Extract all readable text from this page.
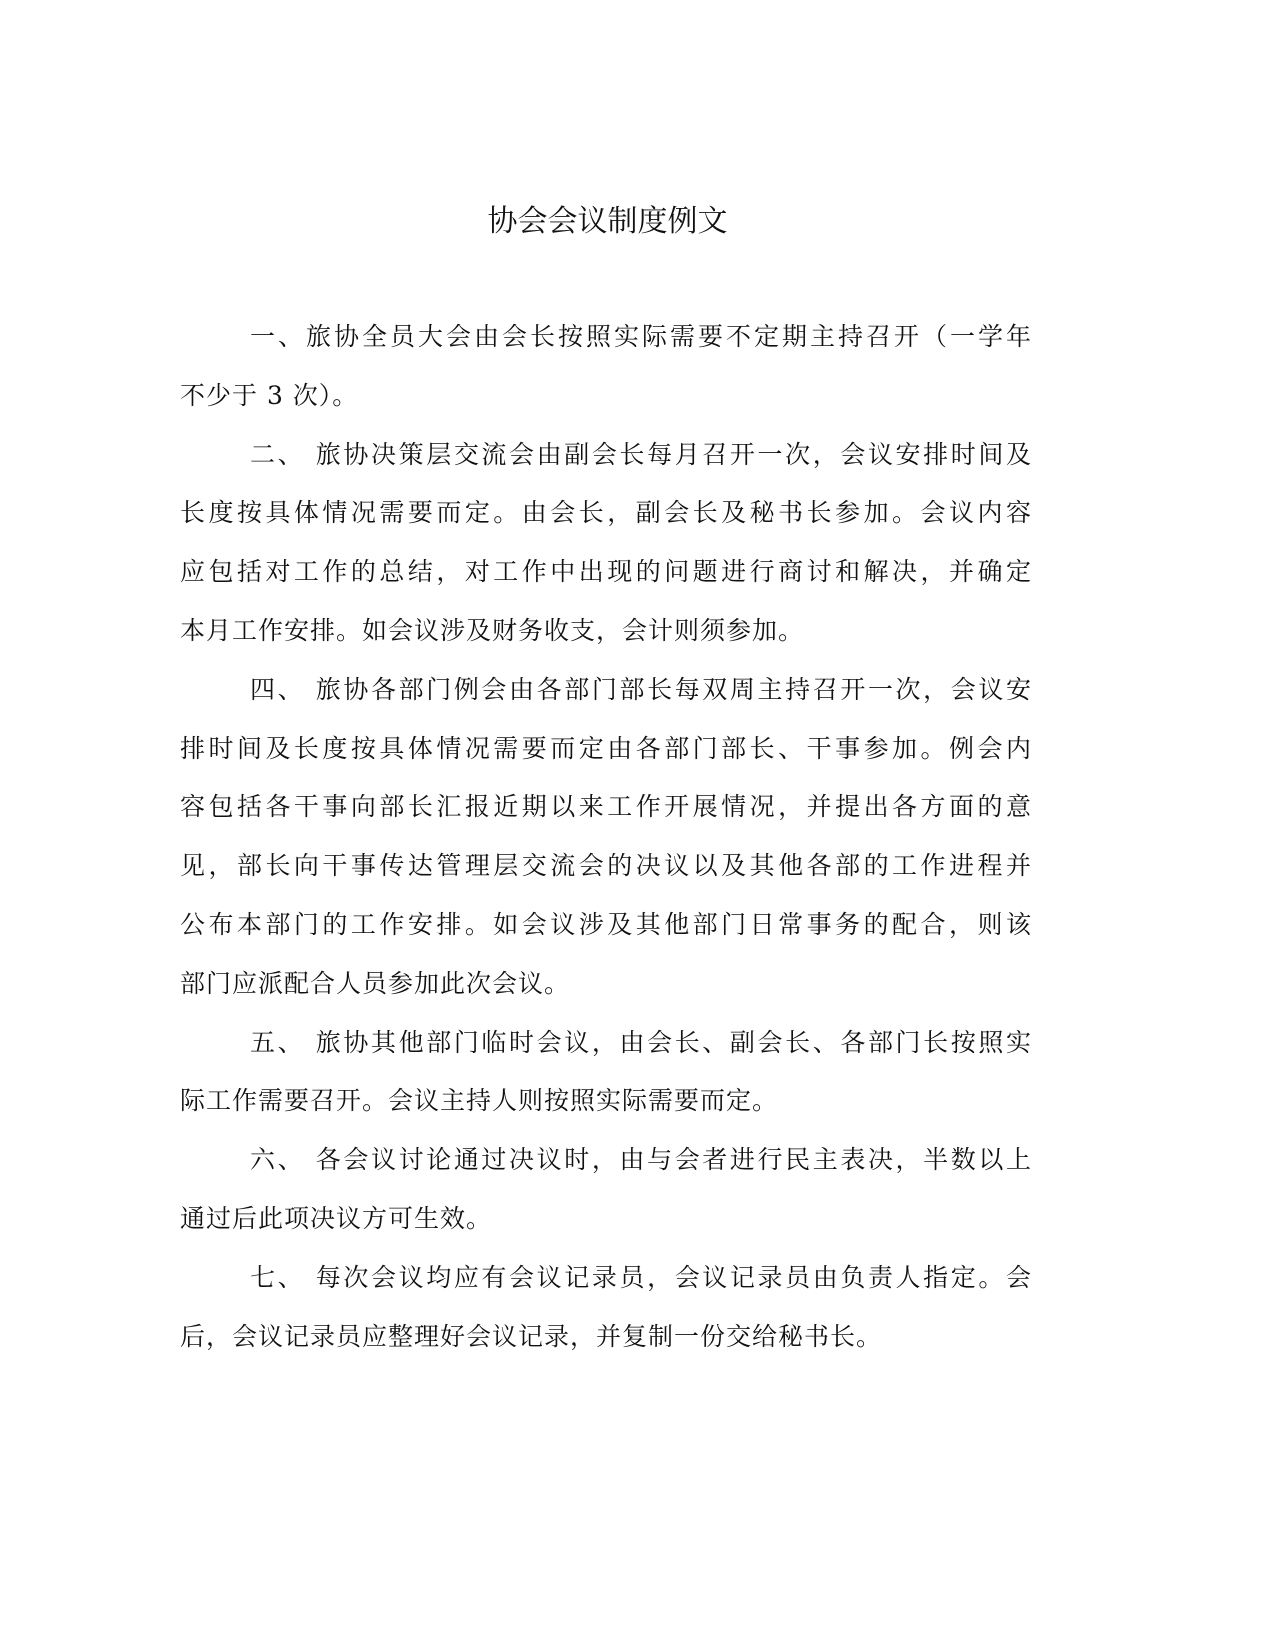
协会会议制度例文
一、旅协全员大会由会长按照实际需要不定期主持召开（一学年
不少于 3 次）。
二、 旅协决策层交流会由副会长每月召开一次，会议安排时间及
长度按具体情况需要而定。由会长，副会长及秘书长参加。会议内容
应包括对工作的总结，对工作中出现的问题进行商讨和解决，并确定
本月工作安排。如会议涉及财务收支，会计则须参加。
四、 旅协各部门例会由各部门部长每双周主持召开一次，会议安
排时间及长度按具体情况需要而定由各部门部长、干事参加。例会内
容包括各干事向部长汇报近期以来工作开展情况，并提出各方面的意
见，部长向干事传达管理层交流会的决议以及其他各部的工作进程并
公布本部门的工作安排。如会议涉及其他部门日常事务的配合，则该
部门应派配合人员参加此次会议。
五、 旅协其他部门临时会议，由会长、副会长、各部门长按照实
际工作需要召开。会议主持人则按照实际需要而定。
六、 各会议讨论通过决议时，由与会者进行民主表决，半数以上
通过后此项决议方可生效。
七、 每次会议均应有会议记录员，会议记录员由负责人指定。会
后，会议记录员应整理好会议记录，并复制一份交给秘书长。
